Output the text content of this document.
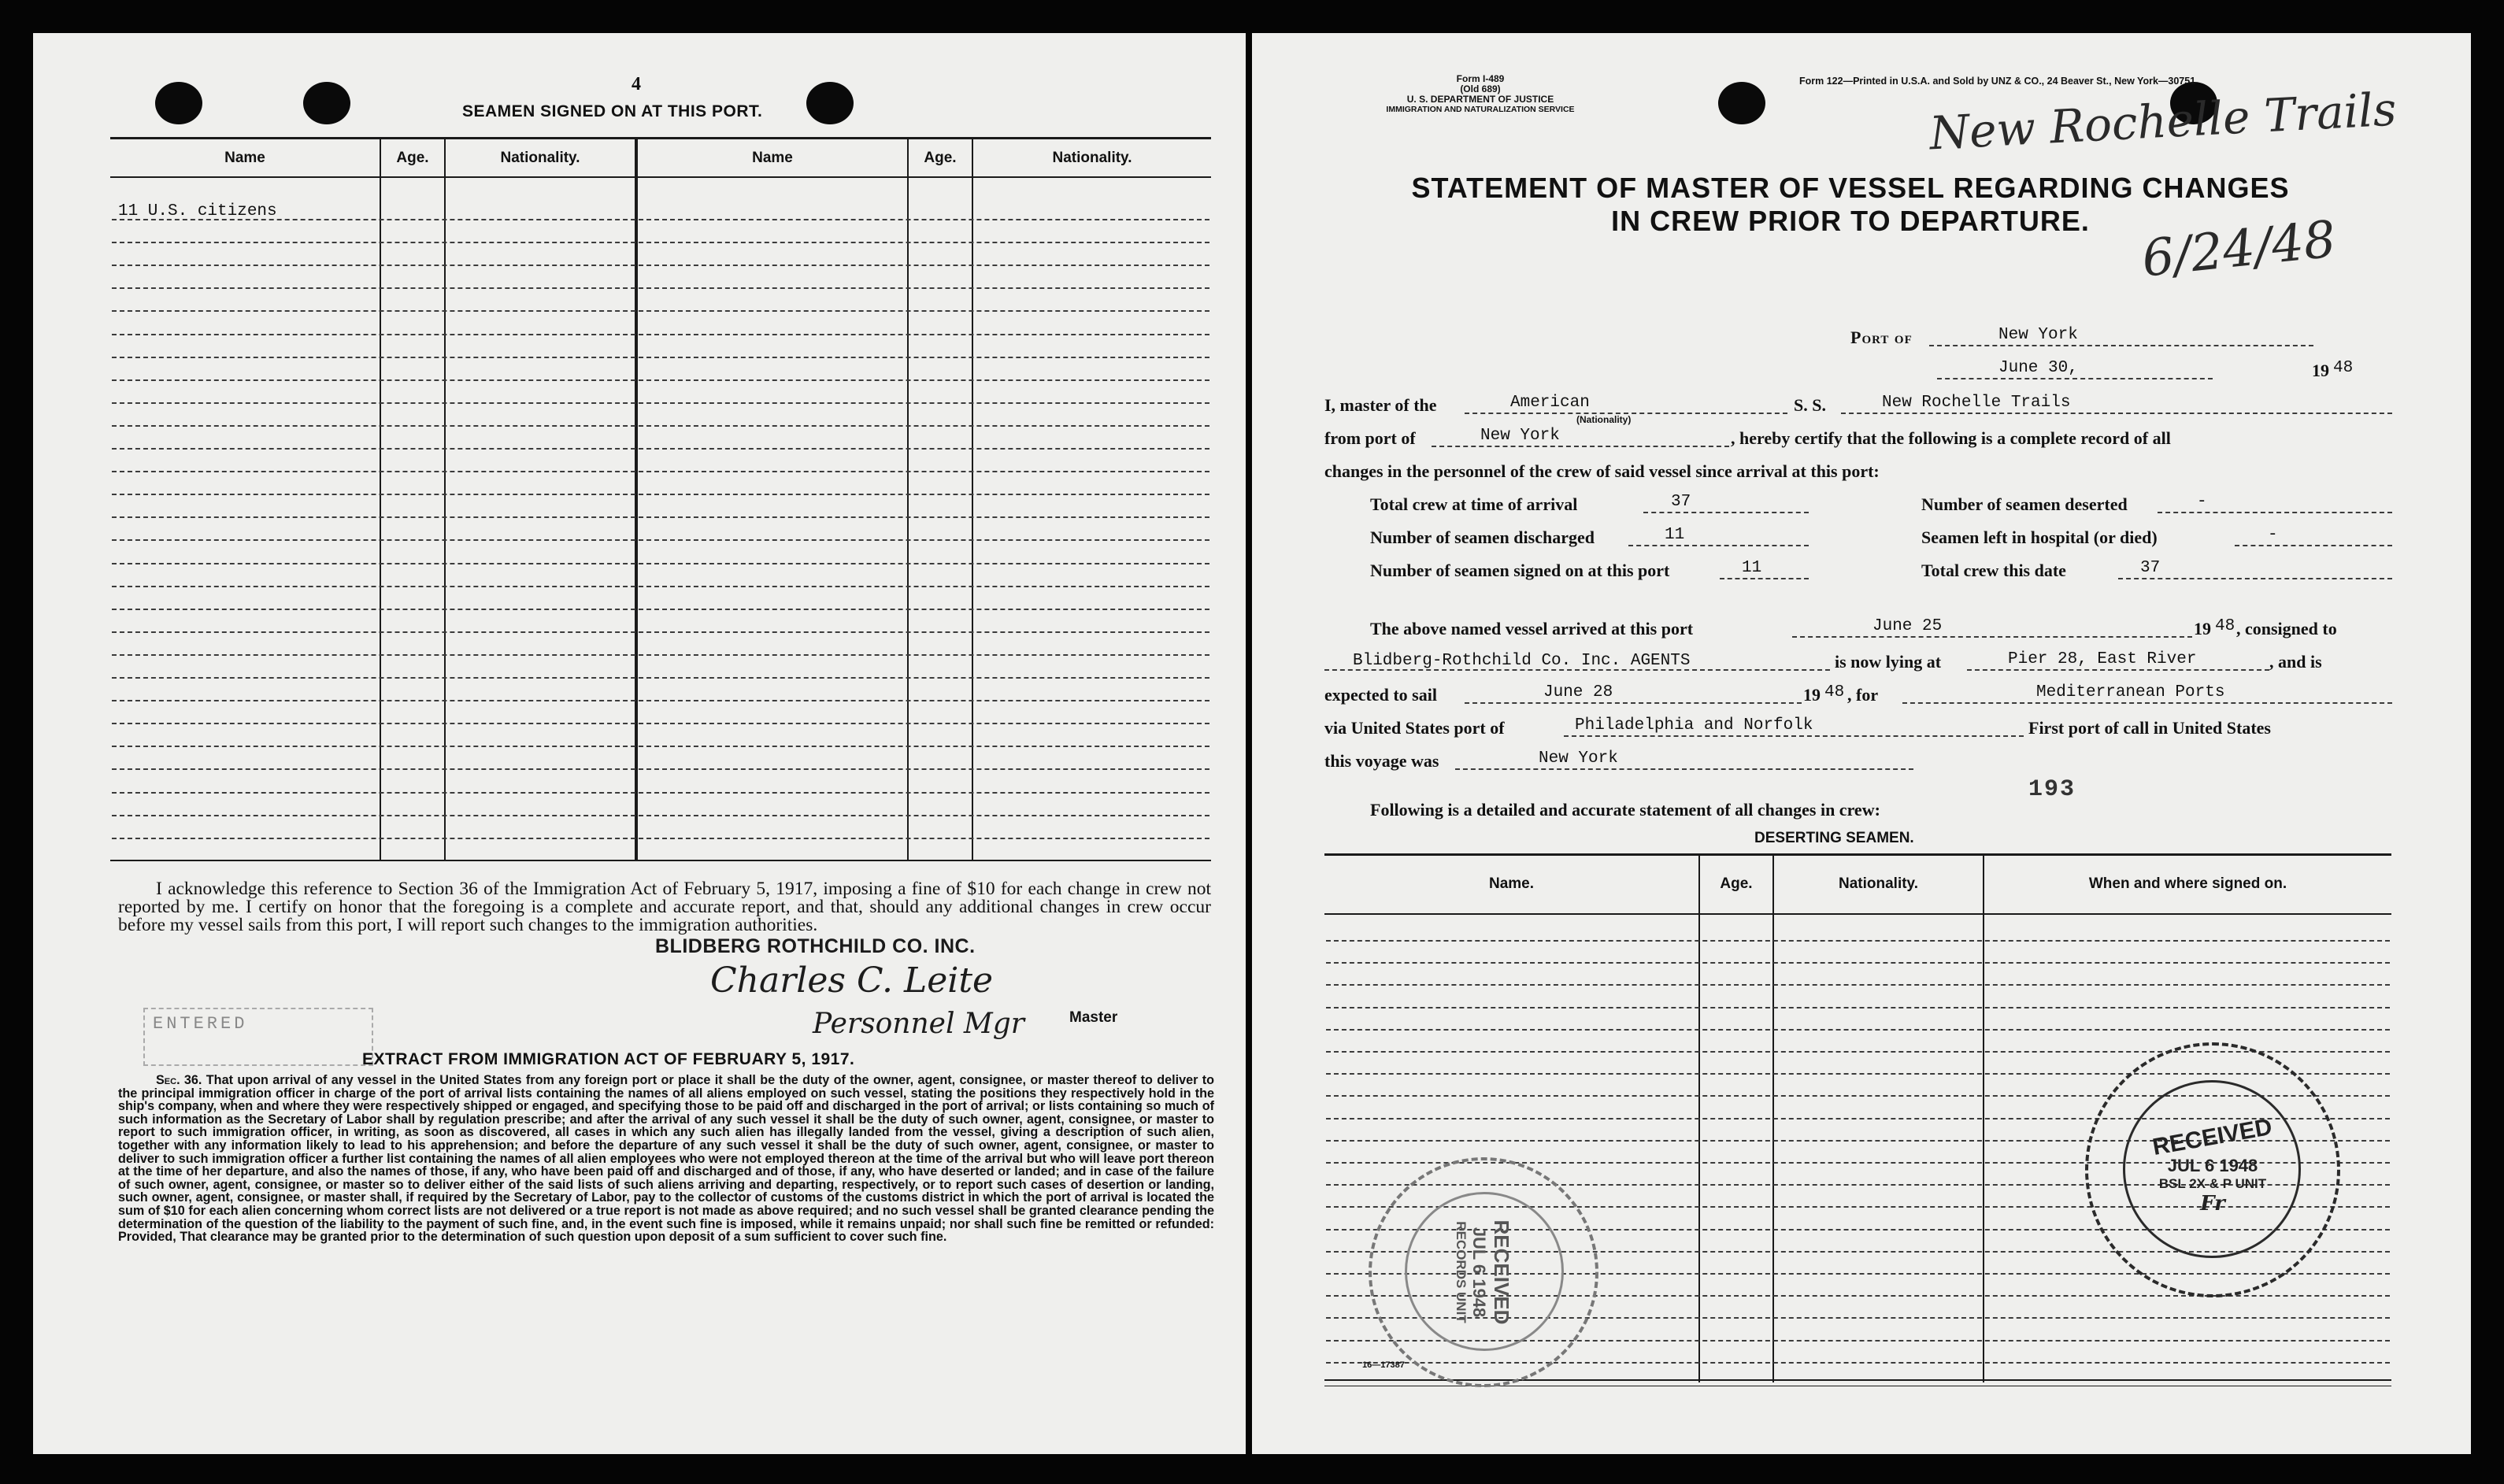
4
SEAMEN SIGNED ON AT THIS PORT.
Name	Age.	Nationality.	Name	Age.	Nationality.
11 U.S. citizens
I acknowledge this reference to Section 36 of the Immigration Act of February 5, 1917, imposing a fine of $10 for each change in crew not reported by me. I certify on honor that the foregoing is a complete and accurate report, and that, should any additional changes in crew occur before my vessel sails from this port, I will report such changes to the immigration authorities.
BLIDBERG ROTHCHILD CO. INC.
Charles C. Leite
Personnel Mgr	Master
ENTERED
EXTRACT FROM IMMIGRATION ACT OF FEBRUARY 5, 1917.
Sec. 36. That upon arrival of any vessel in the United States from any foreign port or place it shall be the duty of the owner, agent, consignee, or master thereof to deliver to the principal immigration officer in charge of the port of arrival lists containing the names of all aliens employed on such vessel, stating the positions they respectively hold in the ship's company, when and where they were respectively shipped or engaged, and specifying those to be paid off and discharged in the port of arrival; or lists containing so much of such information as the Secretary of Labor shall by regulation prescribe; and after the arrival of any such vessel it shall be the duty of such owner, agent, consignee, or master to report to such immigration officer, in writing, as soon as discovered, all cases in which any such alien has illegally landed from the vessel, giving a description of such alien, together with any information likely to lead to his apprehension; and before the departure of any such vessel it shall be the duty of such owner, agent, consignee, or master to deliver to such immigration officer a further list containing the names of all alien employees who were not employed thereon at the time of the arrival but who will leave port thereon at the time of her departure, and also the names of those, if any, who have been paid off and discharged and of those, if any, who have deserted or landed; and in case of the failure of such owner, agent, consignee, or master so to deliver either of the said lists of such aliens arriving and departing, respectively, or to report such cases of desertion or landing, such owner, agent, consignee, or master shall, if required by the Secretary of Labor, pay to the collector of customs of the customs district in which the port of arrival is located the sum of $10 for each alien concerning whom correct lists are not delivered or a true report is not made as above required; and no such vessel shall be granted clearance pending the determination of the question of the liability to the payment of such fine, and, in the event such fine is imposed, while it remains unpaid; nor shall such fine be remitted or refunded: Provided, That clearance may be granted prior to the determination of such question upon deposit of a sum sufficient to cover such fine.
Form I-489
(Old 689)
U. S. DEPARTMENT OF JUSTICE
IMMIGRATION AND NATURALIZATION SERVICE
Form 122—Printed in U.S.A. and Sold by UNZ & CO., 24 Beaver St., New York—30751
New Rochelle Trails
6/24/48
STATEMENT OF MASTER OF VESSEL REGARDING CHANGES
IN CREW PRIOR TO DEPARTURE.
Port of	New York
June 30,	19 48
I, master of the	American
(Nationality)
S. S.	New Rochelle Trails
from port of	New York	, hereby certify that the following is a complete record of all
changes in the personnel of the crew of said vessel since arrival at this port:
Total crew at time of arrival	37	Number of seamen deserted	-
Number of seamen discharged	11	Seamen left in hospital (or died)	-
Number of seamen signed on at this port	11	Total crew this date	37
The above named vessel arrived at this port	June 25	19 48 , consigned to
Blidberg-Rothchild Co. Inc. AGENTS	is now lying at	Pier 28, East River	, and is
expected to sail	June 28	19 48 , for	Mediterranean Ports
via United States port of	Philadelphia and Norfolk	First port of call in United States
this voyage was	New York
193
Following is a detailed and accurate statement of all changes in crew:
DESERTING SEAMEN.
Name.	Age.	Nationality.	When and where signed on.
16—17387
RECEIVED
JUL 6 1948
RECORDS UNIT
RECEIVED
JUL 6 1948
BSL 2X & P UNIT
Fr
